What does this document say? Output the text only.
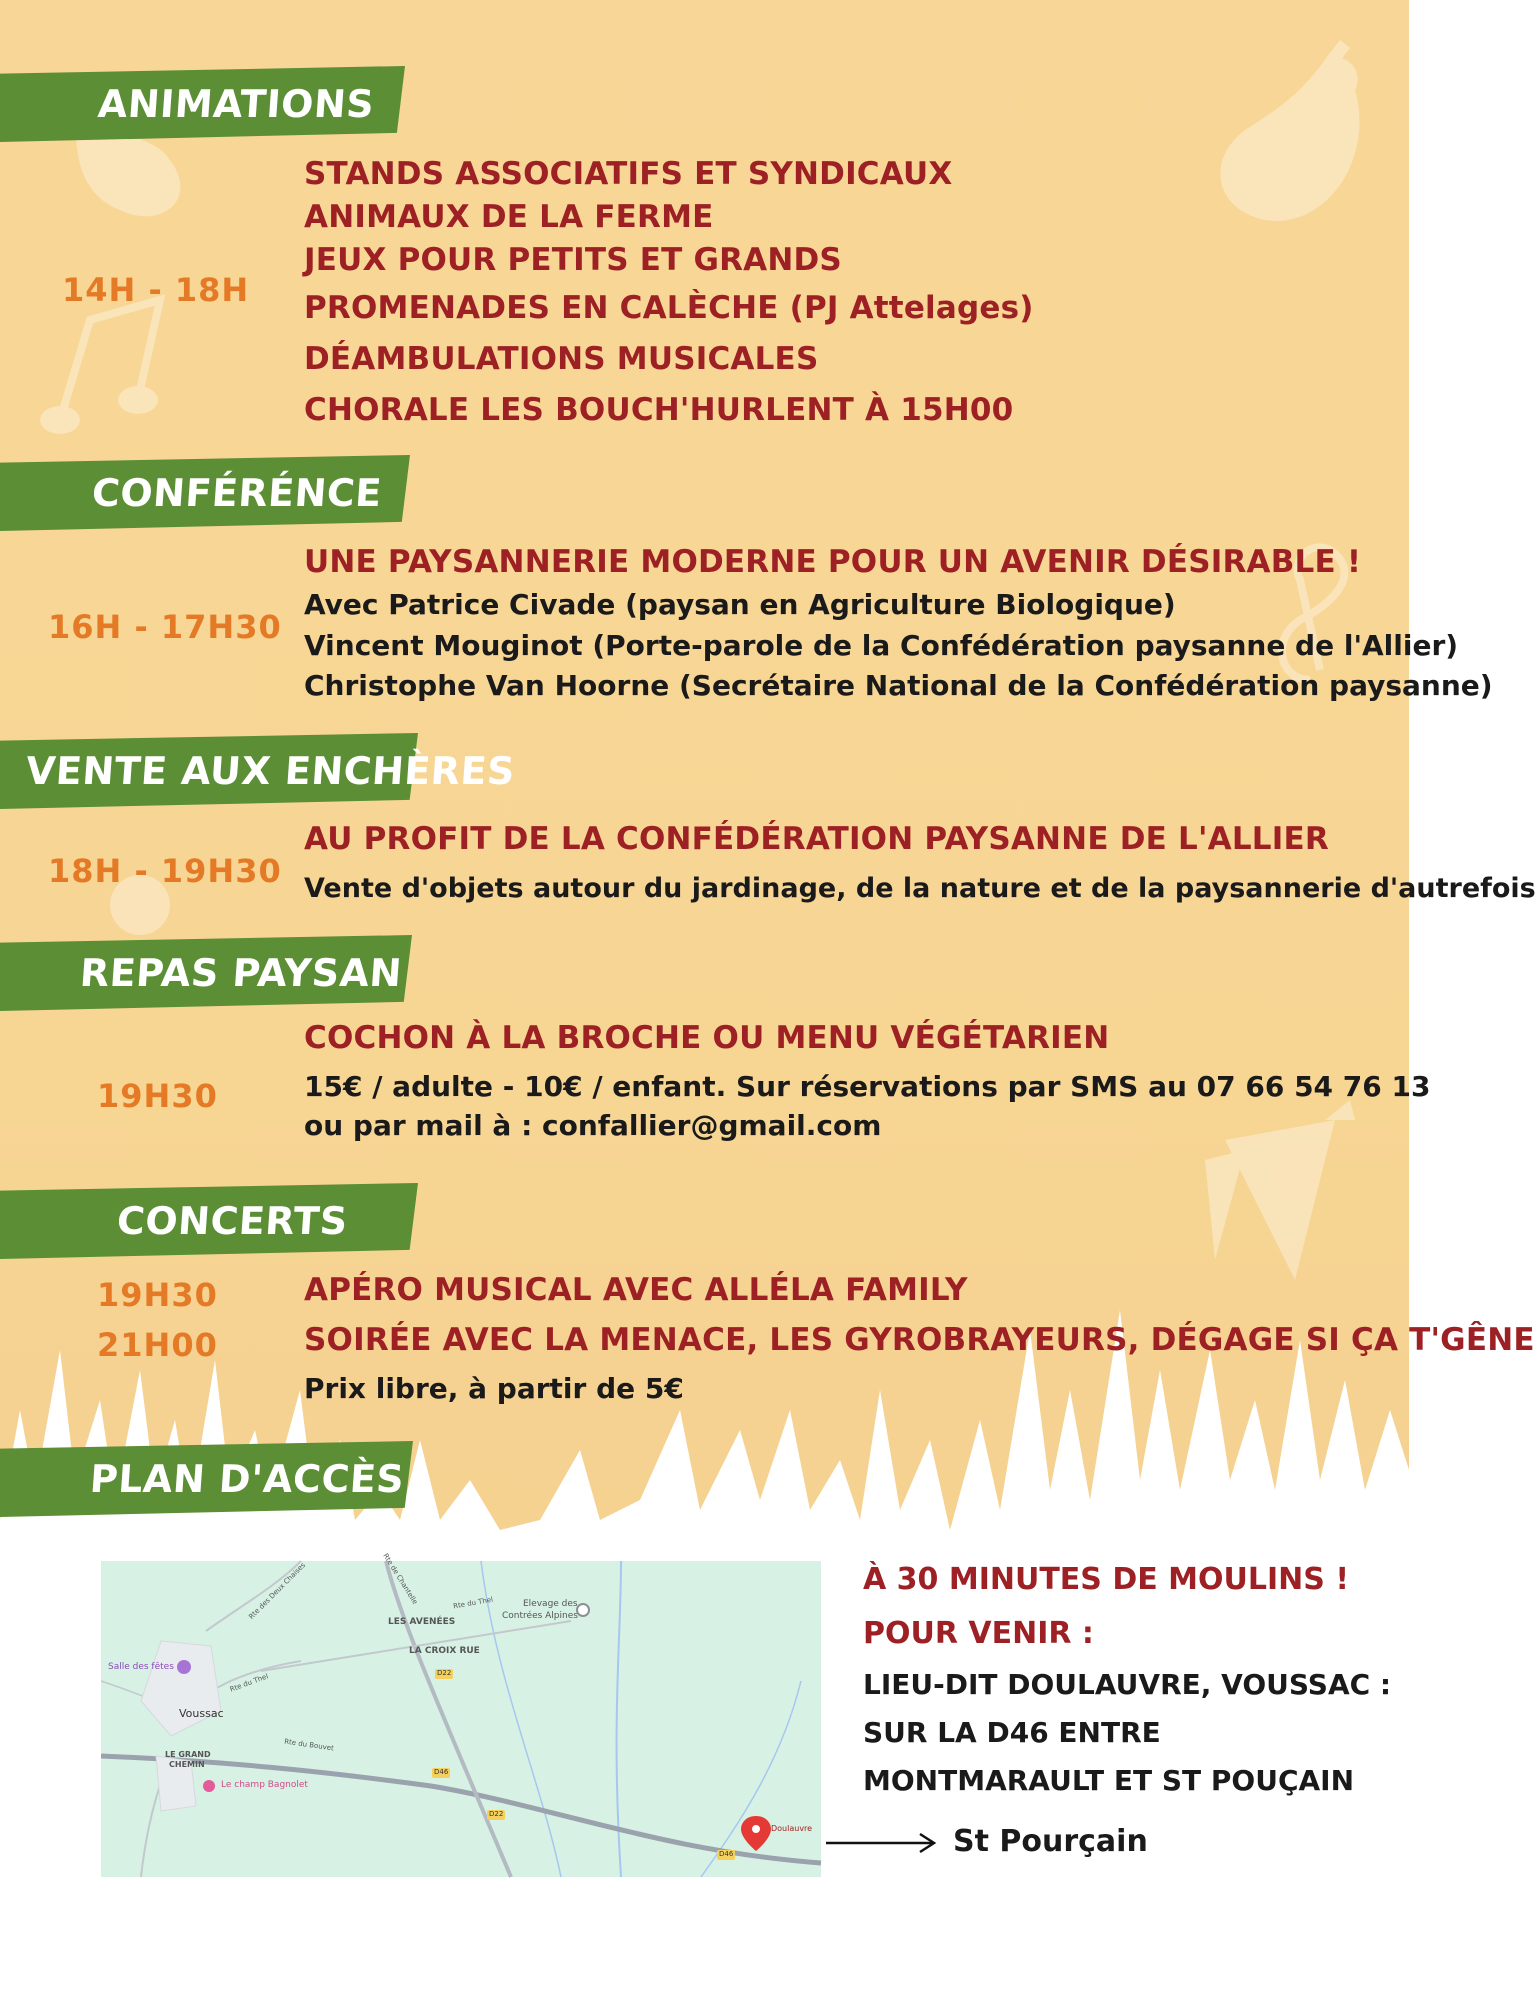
ANIMATIONS
14H - 18H
STANDS ASSOCIATIFS ET SYNDICAUX
ANIMAUX DE LA FERME
JEUX POUR PETITS ET GRANDS
PROMENADES EN CALÈCHE (PJ Attelages)
DÉAMBULATIONS MUSICALES
CHORALE LES BOUCH'HURLENT À 15H00
CONFÉRÉNCE
16H - 17H30
UNE PAYSANNERIE MODERNE POUR UN AVENIR DÉSIRABLE !
Avec Patrice Civade (paysan en Agriculture Biologique)
Vincent Mouginot (Porte-parole de la Confédération paysanne de l'Allier)
Christophe Van Hoorne (Secrétaire National de la Confédération paysanne)
VENTE AUX ENCHÈRES
18H - 19H30
AU PROFIT DE LA CONFÉDÉRATION PAYSANNE DE L'ALLIER
Vente d'objets autour du jardinage, de la nature et de la paysannerie d'autrefois
REPAS PAYSAN
19H30
COCHON À LA BROCHE OU MENU VÉGÉTARIEN
15€ / adulte - 10€ / enfant. Sur réservations par SMS au 07 66 54 76 13
ou par mail à : confallier@gmail.com
CONCERTS
19H30
21H00
APÉRO MUSICAL AVEC ALLÉLA FAMILY
SOIRÉE AVEC LA MENACE, LES GYROBRAYEURS, DÉGAGE SI ÇA T'GÊNE
Prix libre, à partir de 5€
PLAN D'ACCÈS
LES AVENÉES
LA CROIX RUE
Elevage des
Contrées Alpines
Salle des fêtes
Voussac
LE GRAND
CHEMIN
Le champ Bagnolet
Doulauvre
Rte de Chantelle	Rte du Thel
Rte du Thel
Rte des Deux Chaises
Rte du Bouvet
D22
D46
D22
D46
À 30 MINUTES DE MOULINS !
POUR VENIR :
LIEU-DIT DOULAUVRE, VOUSSAC :
SUR LA D46 ENTRE
MONTMARAULT ET ST POUÇAIN
St Pourçain
